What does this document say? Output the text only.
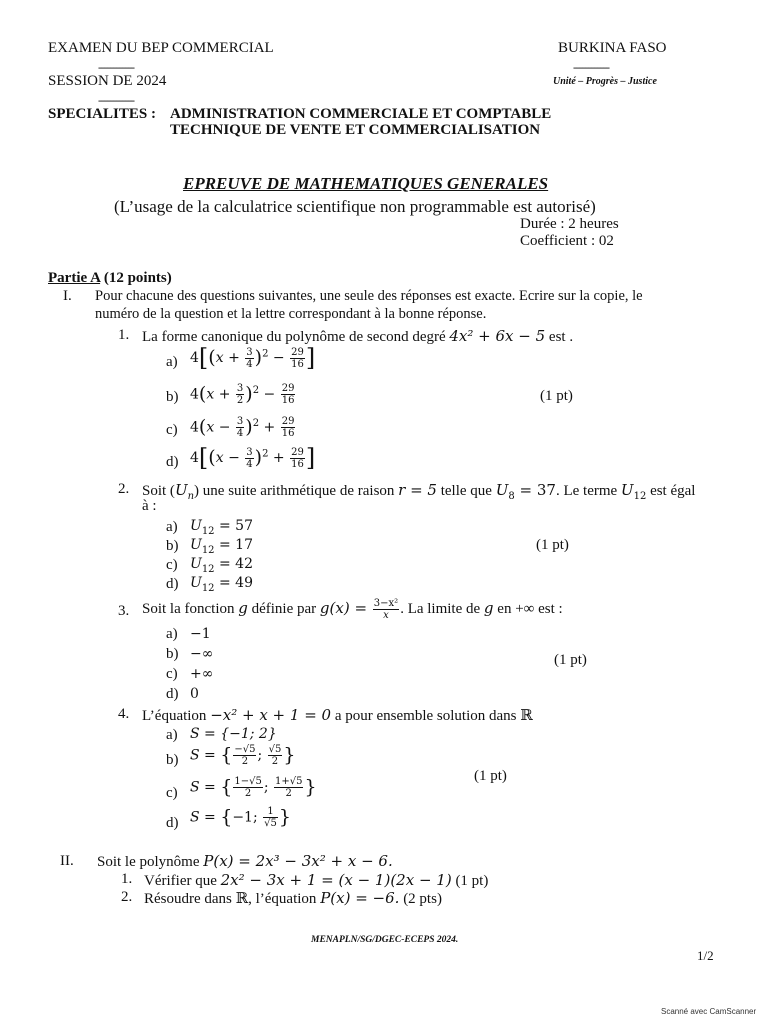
EXAMEN DU BEP COMMERCIAL
------------
SESSION DE 2024
------------
BURKINA FASO
------------
Unité – Progrès – Justice
SPECIALITES : ADMINISTRATION COMMERCIALE ET COMPTABLE
TECHNIQUE DE VENTE ET COMMERCIALISATION
EPREUVE DE MATHEMATIQUES GENERALES
(L’usage de la calculatrice scientifique non programmable est autorisé)
Durée : 2 heures
Coefficient : 02
Partie A (12 points)
I. Pour chacune des questions suivantes, une seule des réponses est exacte. Ecrire sur la copie, le
numéro de la question et la lettre correspondant à la bonne réponse.
1. La forme canonique du polynôme de second degré 4x² + 6x − 5 est .
a) $4[(x + \frac{3}{4} )^2 - \frac{29}{16}$ ]
b) $4(x + \frac{3}{2} )^2 - \frac{29}{16}$	(1 pt)
c) $4(x - \frac{3}{4} )^2 + \frac{29}{16}$
d) $4[(x - \frac{3}{4} )^2 + \frac{29}{16}$ ]
2. Soit $(U_n)$ une suite arithmétique de raison r = 5 telle que $U_8 = 37$. Le terme $U_{12}$ est égal
à :
a) $U_{12} = 57$
b) $U_{12} = 17$	(1 pt)
c) $U_{12} = 42$
d) $U_{12} = 49$
3. Soit la fonction g définie par $g(x) = \frac{\text{3−x²}}{x}$ . La limite de g en +∞ est :
a) −1
b) −∞	(1 pt)
c) +∞
d) 0
4. L’équation −x² + x + 1 = 0 a pour ensemble solution dans ℝ
a) S = {−1; 2}
b) S = { $\frac{-√5}{2}$ ; $\frac{√5}{2}$ }
c) S = { $\frac{1-√5}{2}$ ; $\frac{1+√5}{2}$ }	(1 pt)
d) S = {−1; $\frac{1}{√5}$ }
II. Soit le polynôme P(x) = 2x³ − 3x² + x − 6.
1. Vérifier que 2x² − 3x + 1 = (x − 1)(2x − 1) (1 pt)
2. Résoudre dans ℝ, l’équation P(x) = −6. (2 pts)
MENAPLN/SG/DGEC-ECEPS 2024.
1/2
Scanné avec CamScanner
